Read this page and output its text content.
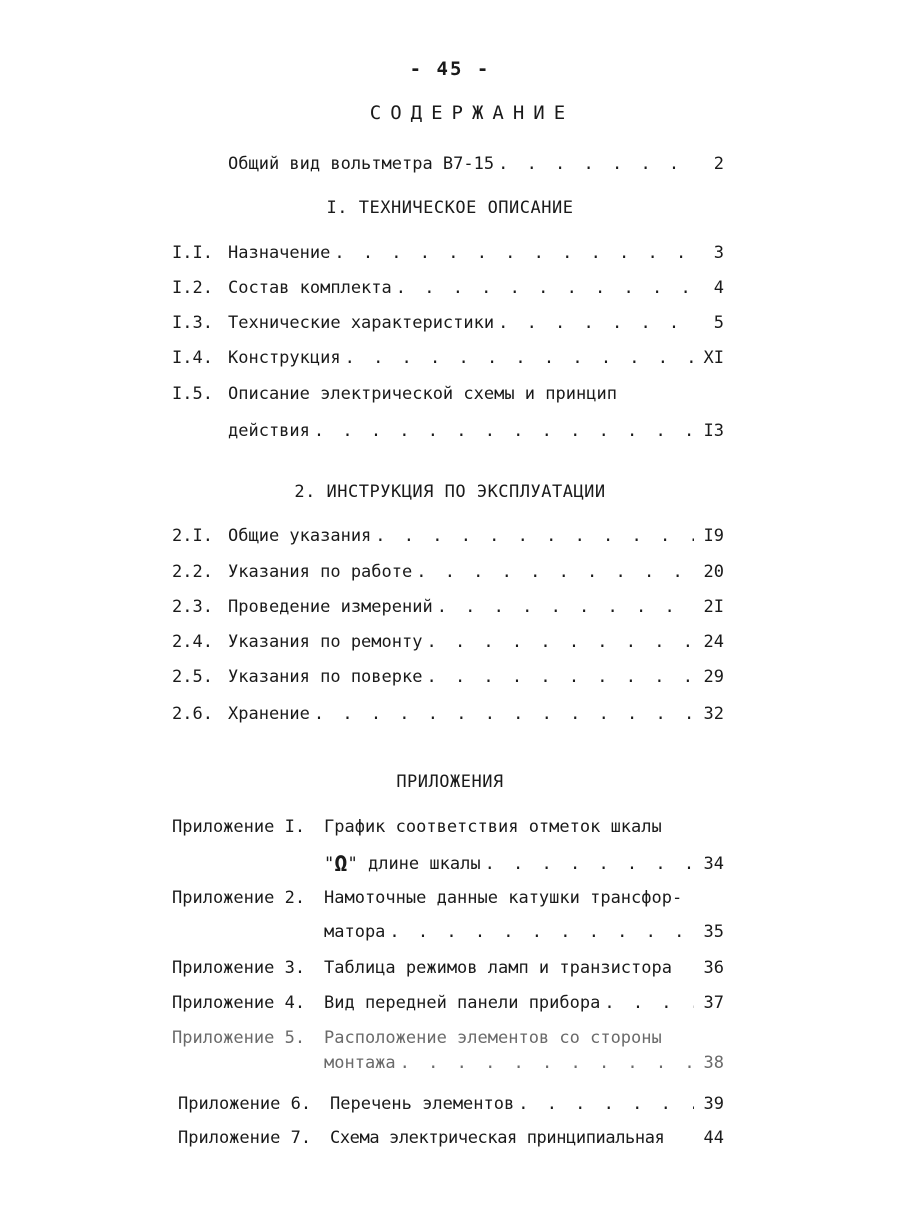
- 45 -
СОДЕРЖАНИЕ
Общий вид вольтметра В7-15 . . .	2
I. ТЕХНИЧЕСКОЕ ОПИСАНИЕ
I.I. Назначение . . .	3
I.2. Состав комплекта . . .	4
I.3. Технические характеристики . . .	5
I.4. Конструкция . . .	XI
I.5. Описание электрической схемы и принцип
действия . . .	I3
2. ИНСТРУКЦИЯ ПО ЭКСПЛУАТАЦИИ
2.I. Общие указания . . .	I9
2.2. Указания по работе . . .	20
2.3. Проведение измерений . . .	2I
2.4. Указания по ремонту . . .	24
2.5. Указания по поверке . . .	29
2.6. Хранение . . .	32
ПРИЛОЖЕНИЯ
Приложение I.	График соответствия отметок шкалы
"Ω" длине шкалы . . .	34
Приложение 2.	Намоточные данные катушки трансфор-
матора . . .	35
Приложение 3.	Таблица режимов ламп и транзистора	36
Приложение 4.	Вид передней панели прибора . . .	37
Приложение 5.	Расположение элементов со стороны
монтажа . . .	38
Приложение 6.	Перечень элементов . . .	39
Приложение 7.	Схема электрическая принципиальная	44
